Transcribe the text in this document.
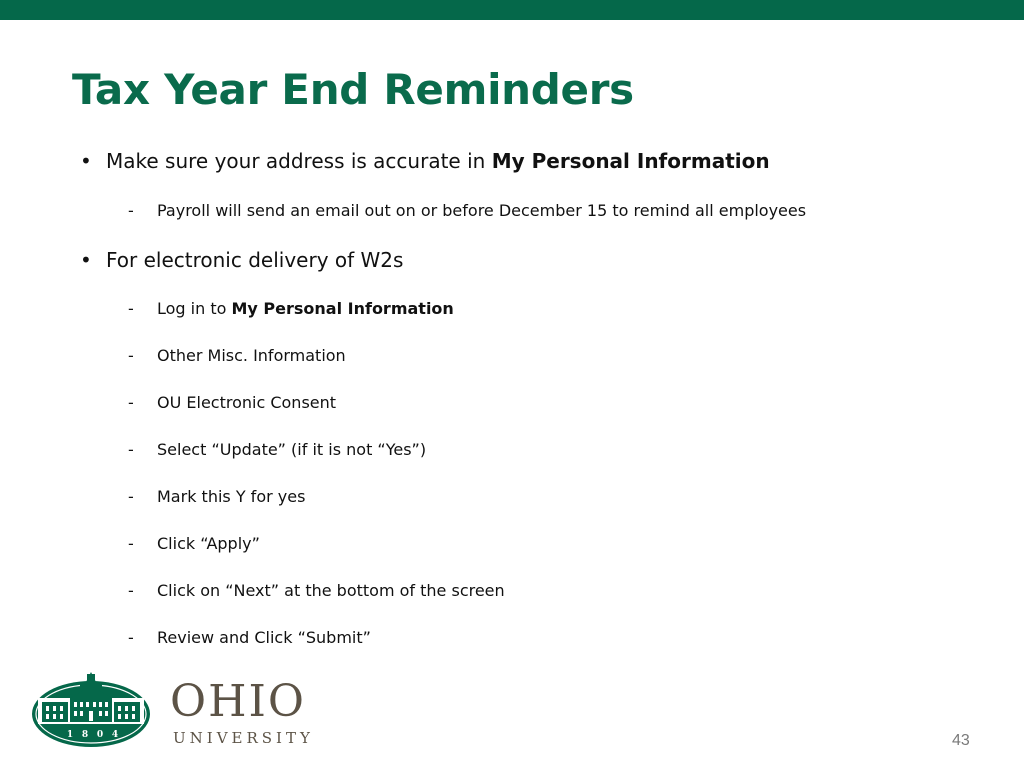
Tax Year End Reminders
• Make sure your address is accurate in My Personal Information
- Payroll will send an email out on or before December 15 to remind all employees
• For electronic delivery of W2s
- Log in to My Personal Information
- Other Misc. Information
- OU Electronic Consent
- Select “Update” (if it is not “Yes”)
- Mark this Y for yes
- Click “Apply”
- Click on “Next” at the bottom of the screen
- Review and Click “Submit”
1 8 0 4
OHIO
UNIVERSITY	43
